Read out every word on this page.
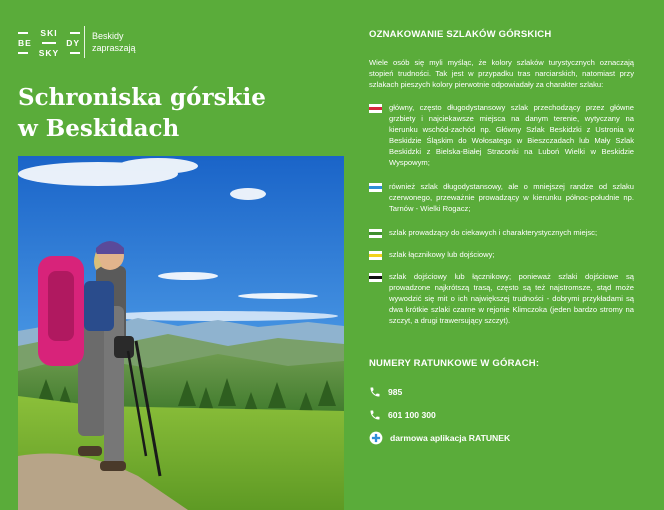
SKI
BE	DY
SKY
Beskidy
zapraszają
Schroniska górskie
w Beskidach
OZNAKOWANIE SZLAKÓW GÓRSKICH
Wiele osób się myli myśląc, że kolory szlaków turystycznych oznaczają stopień trudności. Tak jest w przypadku tras narciarskich, natomiast przy szlakach pieszych kolory pierwotnie odpowiadały za charakter szlaku:
główny, często długodystansowy szlak przechodzący przez główne grzbiety i najciekawsze miejsca na danym terenie, wytyczany na kierunku wschód-zachód np. Główny Szlak Beskidzki z Ustronia w Beskidzie Śląskim do Wołosatego w Bieszczadach lub Mały Szlak Beskidzki z Bielska-Białej Straconki na Luboń Wielki w Beskidzie Wyspowym;
również szlak długodystansowy, ale o mniejszej randze od szlaku czerwonego, przeważnie prowadzący w kierunku północ-południe np. Tarnów - Wielki Rogacz;
szlak prowadzący do ciekawych i charakterystycznych miejsc;
szlak łącznikowy lub dojściowy;
szlak dojściowy lub łącznikowy; ponieważ szlaki dojściowe są prowadzone najkrótszą trasą, często są też najstromsze, stąd może wywodzić się mit o ich największej trudności - dobrymi przykładami są dwa krótkie szlaki czarne w rejonie Klimczoka (jeden bardzo stromy na szczyt, a drugi trawersujący szczyt).
NUMERY RATUNKOWE W GÓRACH:
985
601 100 300
darmowa aplikacja RATUNEK
